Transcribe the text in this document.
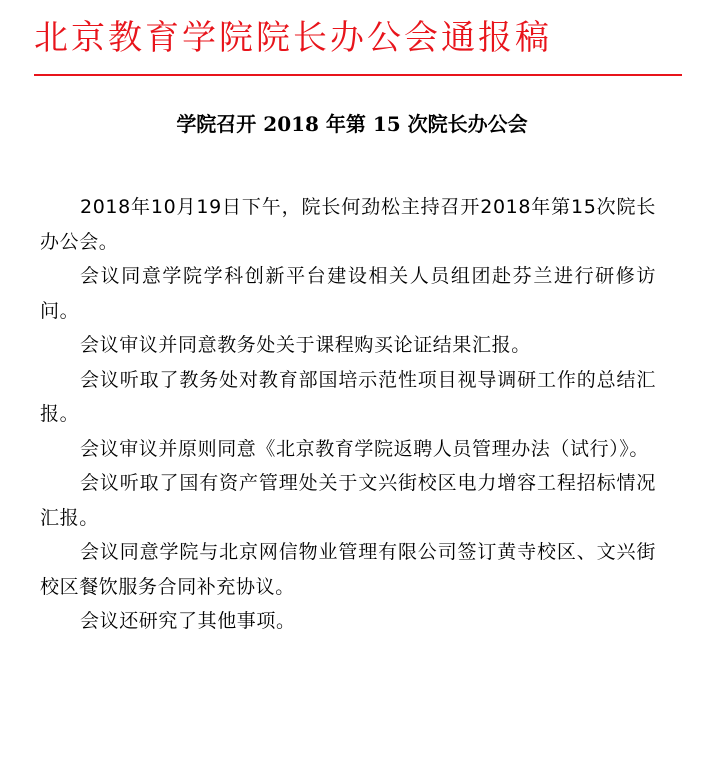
北京教育学院院长办公会通报稿
学院召开 2018 年第 15 次院长办公会

2018年10月19日下午，院长何劲松主持召开2018年第15次院长办公会。

会议同意学院学科创新平台建设相关人员组团赴芬兰进行研修访问。

会议审议并同意教务处关于课程购买论证结果汇报。

会议听取了教务处对教育部国培示范性项目视导调研工作的总结汇报。

会议审议并原则同意《北京教育学院返聘人员管理办法（试行）》。

会议听取了国有资产管理处关于文兴街校区电力增容工程招标情况汇报。

会议同意学院与北京网信物业管理有限公司签订黄寺校区、文兴街校区餐饮服务合同补充协议。

会议还研究了其他事项。
